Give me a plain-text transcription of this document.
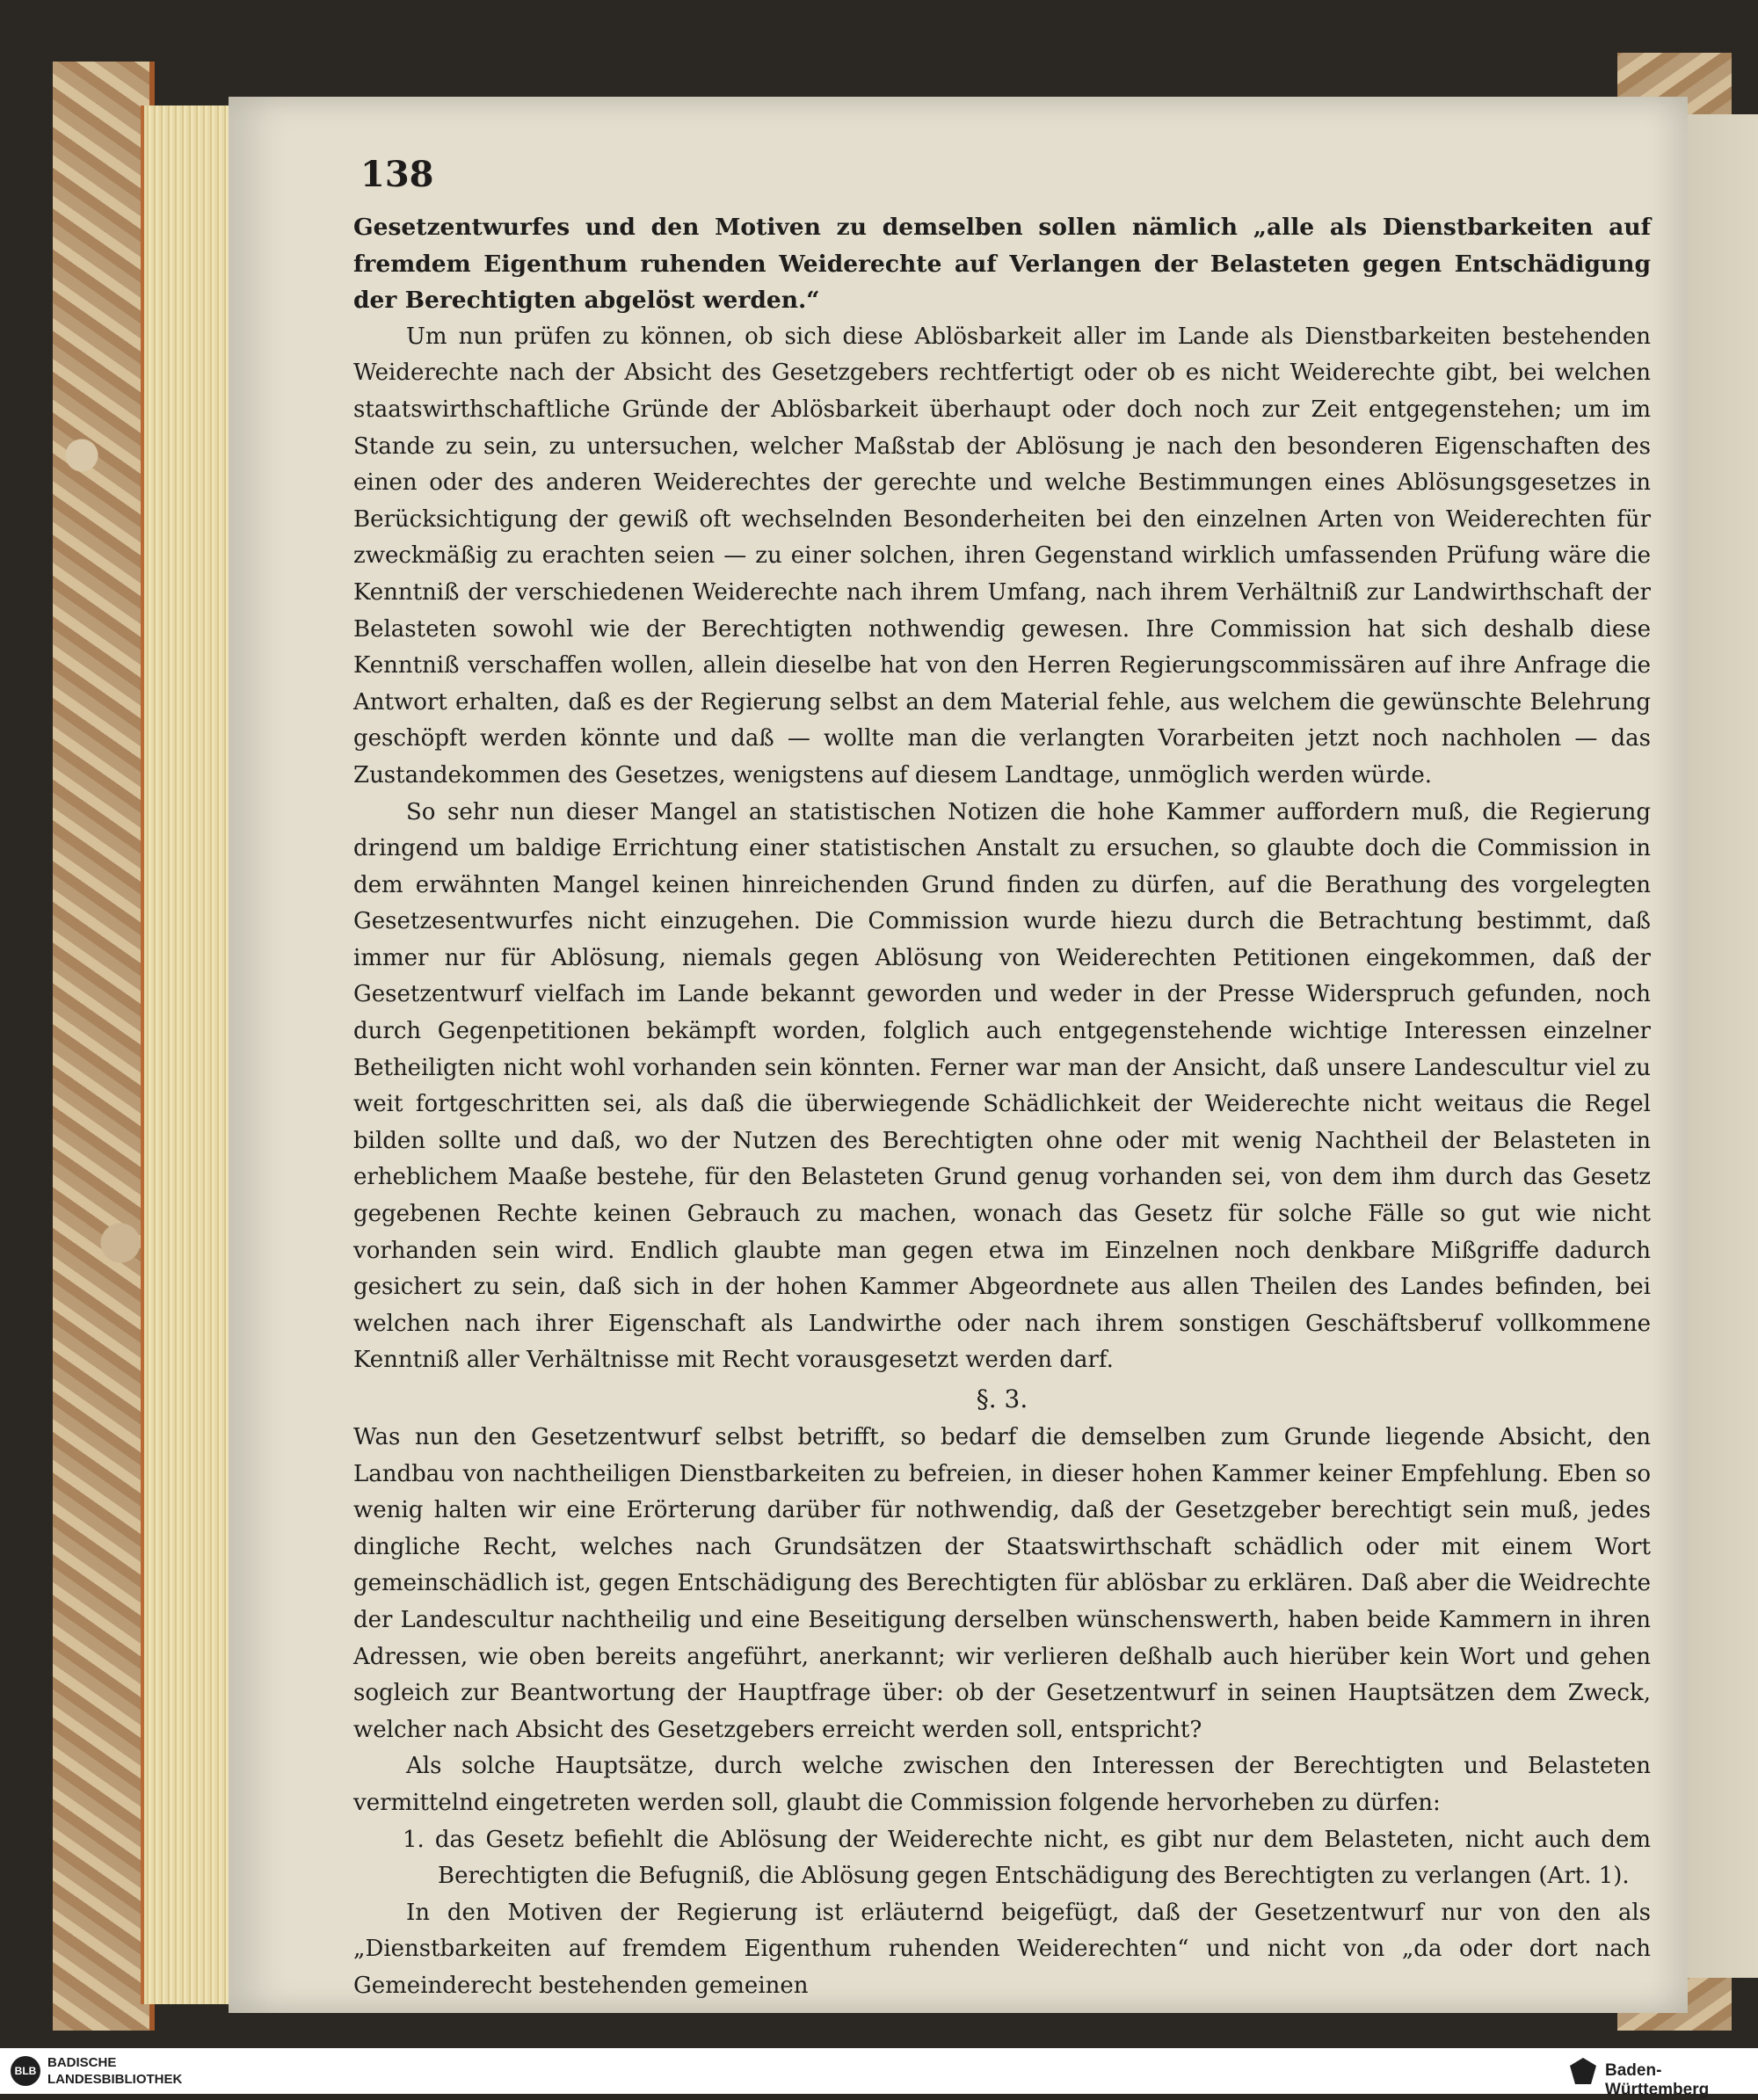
138

Gesetzentwurfes und den Motiven zu demselben sollen nämlich „alle als Dienstbarkeiten auf fremdem Eigenthum ruhenden Weiderechte auf Verlangen der Belasteten gegen Entschädigung der Berechtigten abgelöst werden.“

Um nun prüfen zu können, ob sich diese Ablösbarkeit aller im Lande als Dienstbarkeiten bestehenden Weiderechte nach der Absicht des Gesetzgebers rechtfertigt oder ob es nicht Weiderechte gibt, bei welchen staatswirthschaftliche Gründe der Ablösbarkeit überhaupt oder doch noch zur Zeit entgegenstehen; um im Stande zu sein, zu untersuchen, welcher Maßstab der Ablösung je nach den besonderen Eigenschaften des einen oder des anderen Weiderechtes der gerechte und welche Bestimmungen eines Ablösungsgesetzes in Berücksichtigung der gewiß oft wechselnden Besonderheiten bei den einzelnen Arten von Weiderechten für zweckmäßig zu erachten seien — zu einer solchen, ihren Gegenstand wirklich umfassenden Prüfung wäre die Kenntniß der verschiedenen Weiderechte nach ihrem Umfang, nach ihrem Verhältniß zur Landwirthschaft der Belasteten sowohl wie der Berechtigten nothwendig gewesen. Ihre Commission hat sich deshalb diese Kenntniß verschaffen wollen, allein dieselbe hat von den Herren Regierungscommissären auf ihre Anfrage die Antwort erhalten, daß es der Regierung selbst an dem Material fehle, aus welchem die gewünschte Belehrung geschöpft werden könnte und daß — wollte man die verlangten Vorarbeiten jetzt noch nachholen — das Zustandekommen des Gesetzes, wenigstens auf diesem Landtage, unmöglich werden würde.

So sehr nun dieser Mangel an statistischen Notizen die hohe Kammer auffordern muß, die Regierung dringend um baldige Errichtung einer statistischen Anstalt zu ersuchen, so glaubte doch die Commission in dem erwähnten Mangel keinen hinreichenden Grund finden zu dürfen, auf die Berathung des vorgelegten Gesetzesentwurfes nicht einzugehen. Die Commission wurde hiezu durch die Betrachtung bestimmt, daß immer nur für Ablösung, niemals gegen Ablösung von Weiderechten Petitionen eingekommen, daß der Gesetzentwurf vielfach im Lande bekannt geworden und weder in der Presse Widerspruch gefunden, noch durch Gegenpetitionen bekämpft worden, folglich auch entgegenstehende wichtige Interessen einzelner Betheiligten nicht wohl vorhanden sein könnten. Ferner war man der Ansicht, daß unsere Landescultur viel zu weit fortgeschritten sei, als daß die überwiegende Schädlichkeit der Weiderechte nicht weitaus die Regel bilden sollte und daß, wo der Nutzen des Berechtigten ohne oder mit wenig Nachtheil der Belasteten in erheblichem Maaße bestehe, für den Belasteten Grund genug vorhanden sei, von dem ihm durch das Gesetz gegebenen Rechte keinen Gebrauch zu machen, wonach das Gesetz für solche Fälle so gut wie nicht vorhanden sein wird. Endlich glaubte man gegen etwa im Einzelnen noch denkbare Mißgriffe dadurch gesichert zu sein, daß sich in der hohen Kammer Abgeordnete aus allen Theilen des Landes befinden, bei welchen nach ihrer Eigenschaft als Landwirthe oder nach ihrem sonstigen Geschäftsberuf vollkommene Kenntniß aller Verhältnisse mit Recht vorausgesetzt werden darf.

§. 3.

Was nun den Gesetzentwurf selbst betrifft, so bedarf die demselben zum Grunde liegende Absicht, den Landbau von nachtheiligen Dienstbarkeiten zu befreien, in dieser hohen Kammer keiner Empfehlung. Eben so wenig halten wir eine Erörterung darüber für nothwendig, daß der Gesetzgeber berechtigt sein muß, jedes dingliche Recht, welches nach Grundsätzen der Staatswirthschaft schädlich oder mit einem Wort gemeinschädlich ist, gegen Entschädigung des Berechtigten für ablösbar zu erklären. Daß aber die Weidrechte der Landescultur nachtheilig und eine Beseitigung derselben wünschenswerth, haben beide Kammern in ihren Adressen, wie oben bereits angeführt, anerkannt; wir verlieren deßhalb auch hierüber kein Wort und gehen sogleich zur Beantwortung der Hauptfrage über: ob der Gesetzentwurf in seinen Hauptsätzen dem Zweck, welcher nach Absicht des Gesetzgebers erreicht werden soll, entspricht?

Als solche Hauptsätze, durch welche zwischen den Interessen der Berechtigten und Belasteten vermittelnd eingetreten werden soll, glaubt die Commission folgende hervorheben zu dürfen:

1. das Gesetz befiehlt die Ablösung der Weiderechte nicht, es gibt nur dem Belasteten, nicht auch dem Berechtigten die Befugniß, die Ablösung gegen Entschädigung des Berechtigten zu verlangen (Art. 1).

In den Motiven der Regierung ist erläuternd beigefügt, daß der Gesetzentwurf nur von den als „Dienstbarkeiten auf fremdem Eigenthum ruhenden Weiderechten“ und nicht von „da oder dort nach Gemeinderecht bestehenden gemeinen

BLB
BADISCHE
LANDESBIBLIOTHEK	Baden-Württemberg
